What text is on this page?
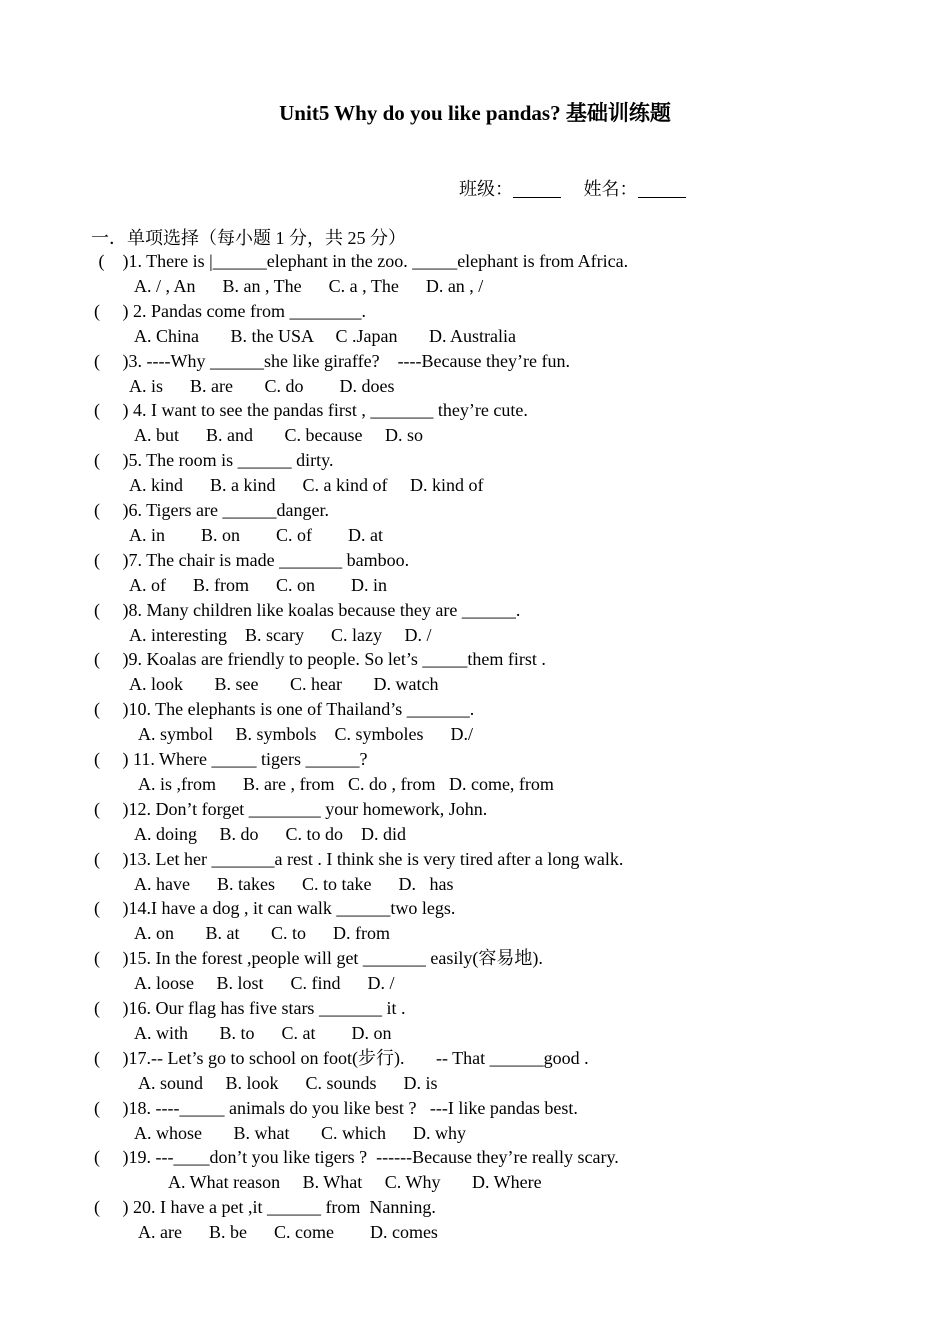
Unit5 Why do you like pandas? 基础训练题
班级：	姓名：
一．单项选择（每小题 1 分，共 25 分）
(    )1. There is |______elephant in the zoo. _____elephant is from Africa.
A. / , An      B. an , The      C. a , The      D. an , /
(     ) 2. Pandas come from ________.
A. China       B. the USA     C .Japan       D. Australia
(     )3. ----Why ______she like giraffe?    ----Because they’re fun.
A. is      B. are       C. do        D. does
(     ) 4. I want to see the pandas first , _______ they’re cute.
A. but      B. and       C. because     D. so
(     )5. The room is ______ dirty.
A. kind      B. a kind      C. a kind of     D. kind of
(     )6. Tigers are ______danger.
A. in        B. on        C. of        D. at
(     )7. The chair is made _______ bamboo.
A. of      B. from      C. on        D. in
(     )8. Many children like koalas because they are ______.
A. interesting    B. scary      C. lazy     D. /
(     )9. Koalas are friendly to people. So let’s _____them first .
A. look       B. see       C. hear       D. watch
(     )10. The elephants is one of Thailand’s _______.
A. symbol     B. symbols    C. symboles      D./
(     ) 11. Where _____ tigers ______?
A. is ,from      B. are , from   C. do , from   D. come, from
(     )12. Don’t forget ________ your homework, John.
A. doing     B. do      C. to do    D. did
(     )13. Let her _______a rest . I think she is very tired after a long walk.
A. have      B. takes      C. to take      D.   has
(     )14.I have a dog , it can walk ______two legs.
A. on       B. at       C. to      D. from
(     )15. In the forest ,people will get _______ easily(容易地).
A. loose     B. lost      C. find      D. /
(     )16. Our flag has five stars _______ it .
A. with       B. to      C. at        D. on
(     )17.-- Let’s go to school on foot(步行).       -- That ______good .
A. sound     B. look      C. sounds      D. is
(     )18. ----_____ animals do you like best ?   ---I like pandas best.
A. whose       B. what       C. which      D. why
(     )19. ---____don’t you like tigers ?  ------Because they’re really scary.
A. What reason     B. What     C. Why       D. Where
(     ) 20. I have a pet ,it ______ from  Nanning.
A. are      B. be      C. come        D. comes
